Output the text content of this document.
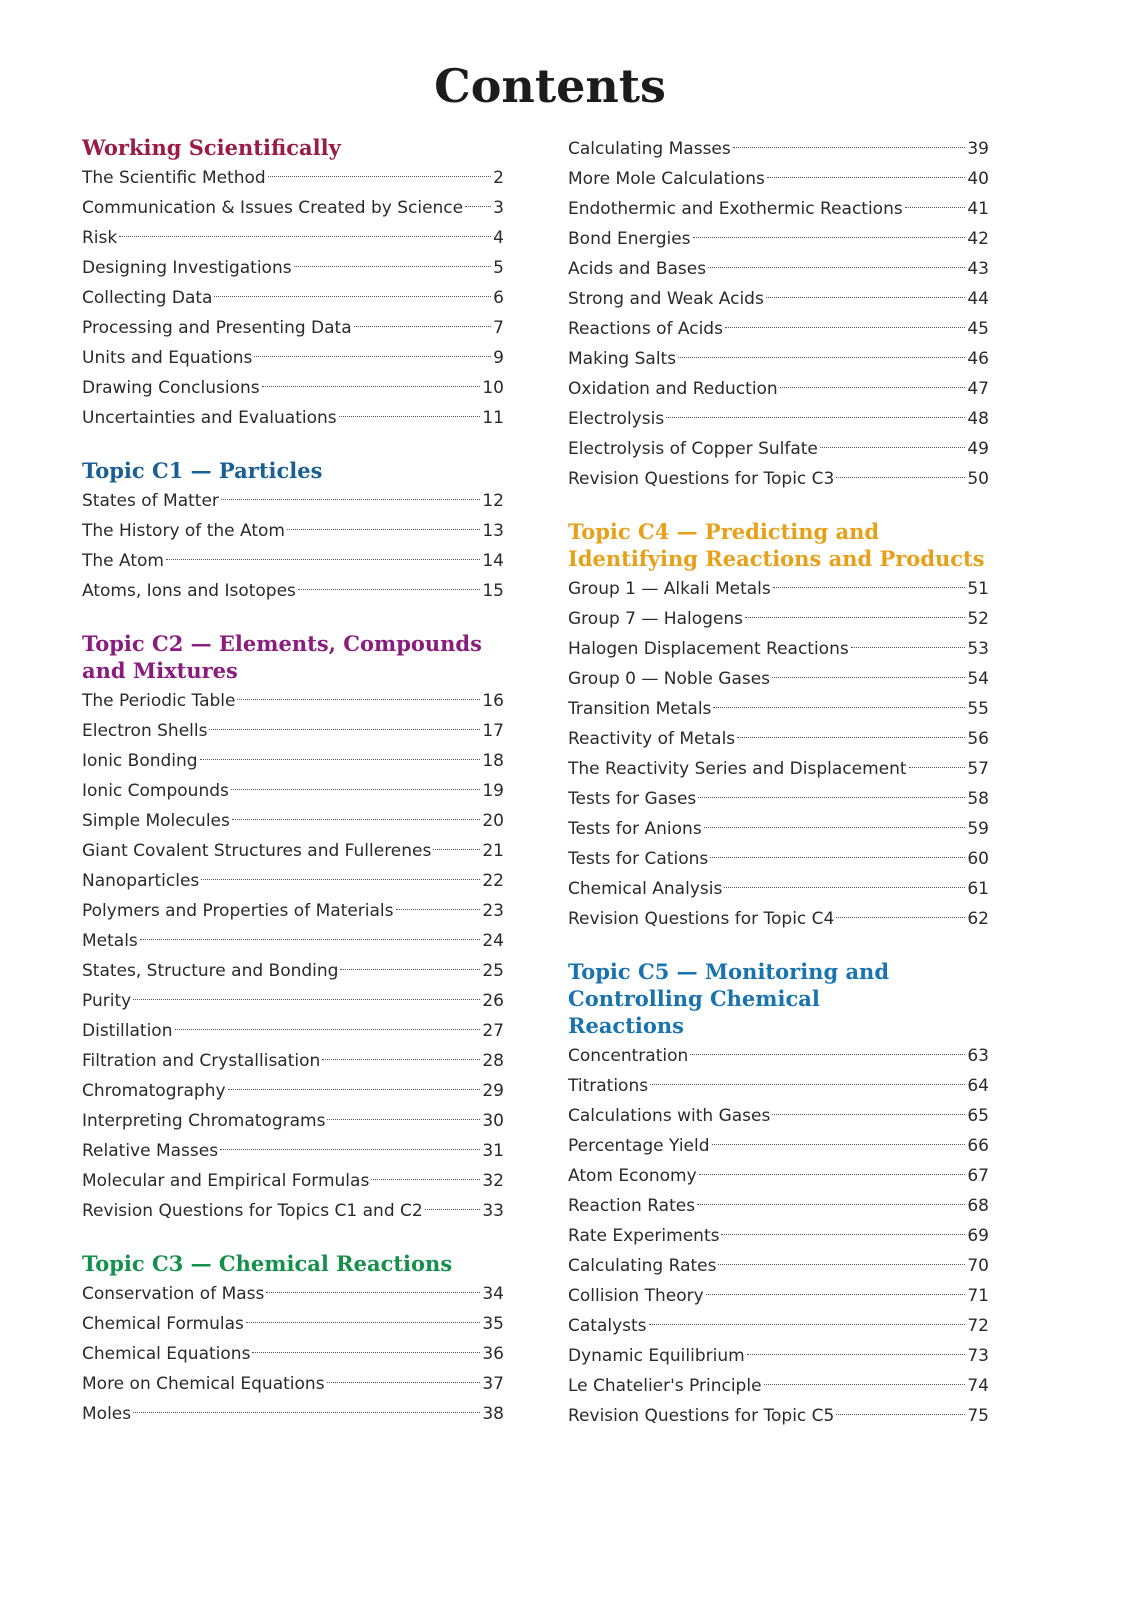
Contents
Working Scientifically
The Scientific Method	2
Communication & Issues Created by Science 3
Risk	4
Designing Investigations	5
Collecting Data	6
Processing and Presenting Data	7
Units and Equations	9
Drawing Conclusions	10
Uncertainties and Evaluations	11
Topic C1 — Particles
States of Matter	12
The History of the Atom	13
The Atom	14
Atoms, Ions and Isotopes	15
Topic C2 — Elements, Compounds and Mixtures
The Periodic Table	16
Electron Shells	17
Ionic Bonding	18
Ionic Compounds	19
Simple Molecules	20
Giant Covalent Structures and Fullerenes	21
Nanoparticles	22
Polymers and Properties of Materials	23
Metals	24
States, Structure and Bonding	25
Purity	26
Distillation	27
Filtration and Crystallisation	28
Chromatography	29
Interpreting Chromatograms	30
Relative Masses	31
Molecular and Empirical Formulas	32
Revision Questions for Topics C1 and C2	33
Topic C3 — Chemical Reactions
Conservation of Mass	34
Chemical Formulas	35
Chemical Equations	36
More on Chemical Equations	37
Moles	38
Calculating Masses	39
More Mole Calculations	40
Endothermic and Exothermic Reactions	41
Bond Energies	42
Acids and Bases	43
Strong and Weak Acids	44
Reactions of Acids	45
Making Salts	46
Oxidation and Reduction	47
Electrolysis	48
Electrolysis of Copper Sulfate	49
Revision Questions for Topic C3	50
Topic C4 — Predicting and Identifying Reactions and Products
Group 1 — Alkali Metals	51
Group 7 — Halogens	52
Halogen Displacement Reactions	53
Group 0 — Noble Gases	54
Transition Metals	55
Reactivity of Metals	56
The Reactivity Series and Displacement	57
Tests for Gases	58
Tests for Anions	59
Tests for Cations	60
Chemical Analysis	61
Revision Questions for Topic C4	62
Topic C5 — Monitoring and Controlling Chemical Reactions
Concentration	63
Titrations	64
Calculations with Gases	65
Percentage Yield	66
Atom Economy	67
Reaction Rates	68
Rate Experiments	69
Calculating Rates	70
Collision Theory	71
Catalysts	72
Dynamic Equilibrium	73
Le Chatelier's Principle	74
Revision Questions for Topic C5	75
